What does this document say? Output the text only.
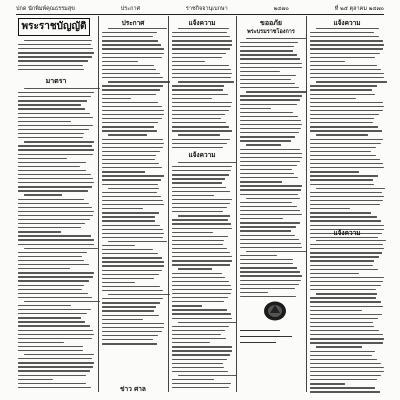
ปกด นักพิมพ์คุณธรรมสุข	ประกาศ	ราชกิจจานุเบกษา	๒๔๗๐	ที่ ๒๕ ตุลาคม ๒๔๗๐
พระราชบัญญัติ
มาตรา
ประกาศ
ข่าว ศาล
แจ้งความ
แจ้งความ
ขออภัย
พระบรมราชโองการ
แจ้งความ
แจ้งความ
